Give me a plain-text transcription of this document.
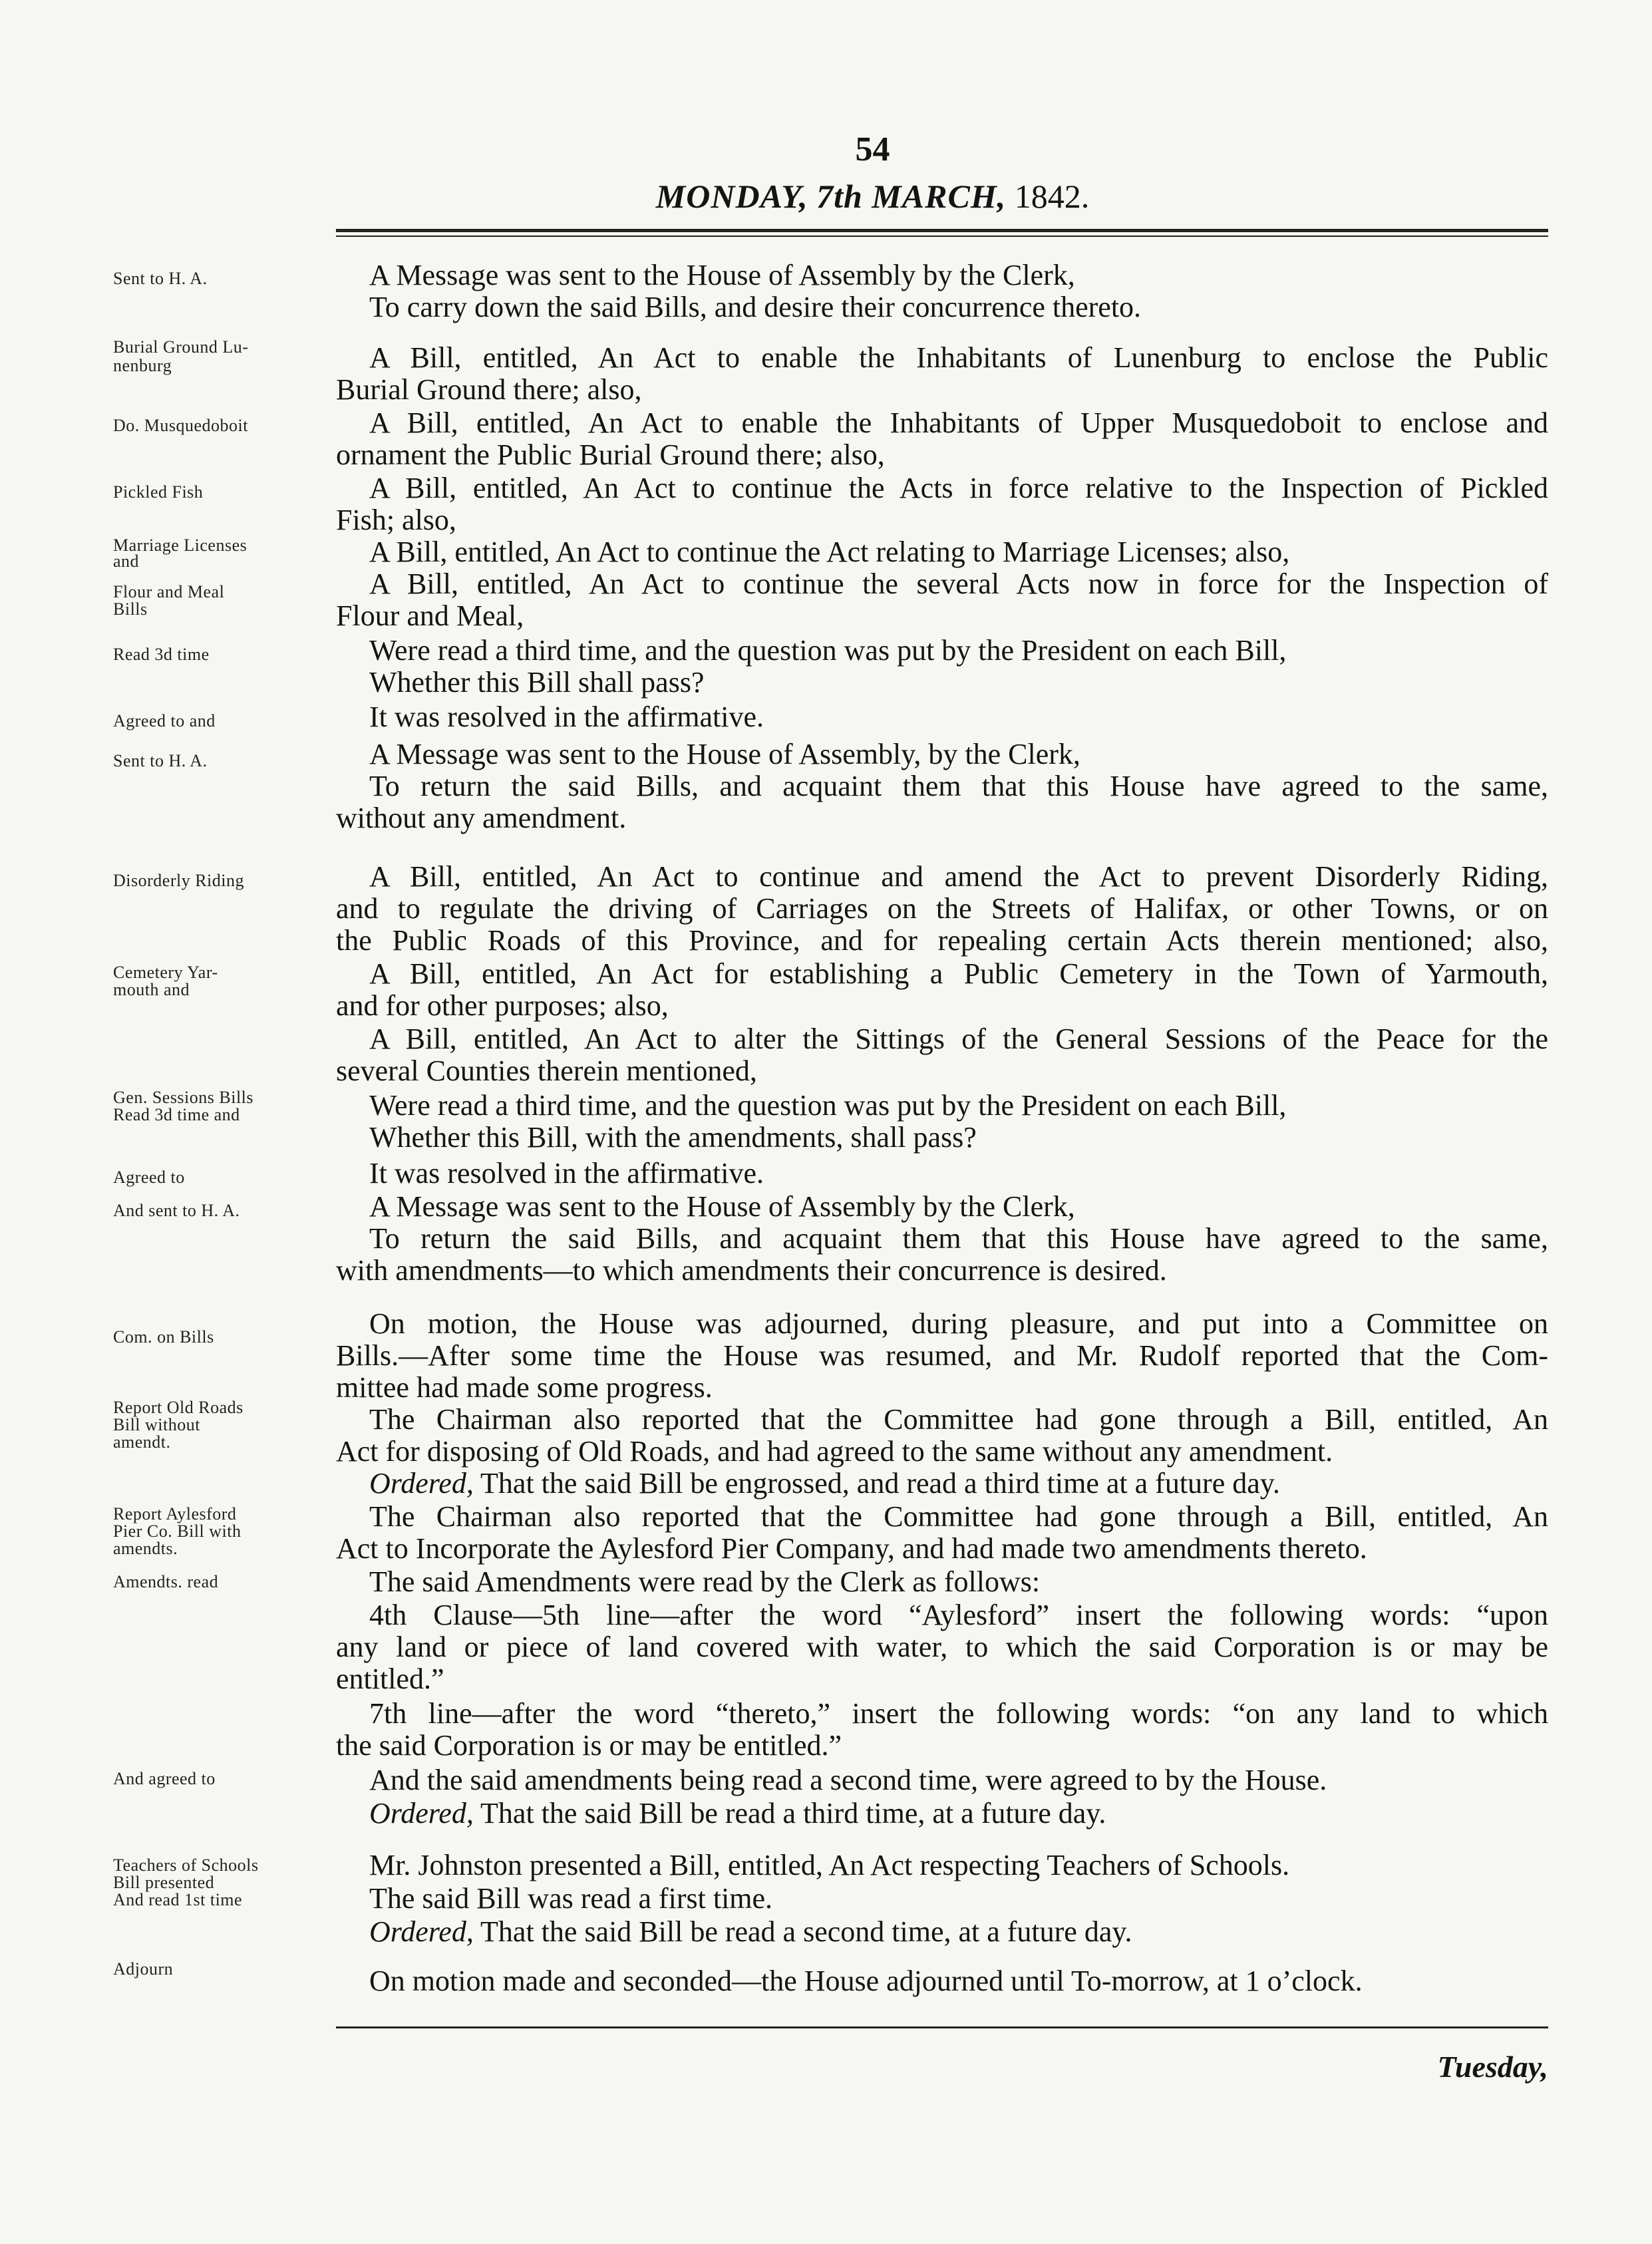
54
MONDAY, 7th MARCH, 1842.
Sent to H. A.
Burial Ground Lu-
nenburg
Do. Musquedoboit
Pickled Fish
Marriage Licenses
and
Flour and Meal
Bills
Read 3d time
Agreed to and
Sent to H. A.
Disorderly Riding
Cemetery Yar-
mouth and
Gen. Sessions Bills
Read 3d time and
Agreed to
And sent to H. A.
Com. on Bills
Report Old Roads
Bill without
amendt.
Report Aylesford
Pier Co. Bill with
amendts.
Amendts. read
And agreed to
Teachers of Schools
Bill presented
And read 1st time
Adjourn
A Message was sent to the House of Assembly by the Clerk,
To carry down the said Bills, and desire their concurrence thereto.
A Bill, entitled, An Act to enable the Inhabitants of Lunenburg to enclose the Public
Burial Ground there; also,
A Bill, entitled, An Act to enable the Inhabitants of Upper Musquedoboit to enclose and
ornament the Public Burial Ground there; also,
A Bill, entitled, An Act to continue the Acts in force relative to the Inspection of Pickled
Fish; also,
A Bill, entitled, An Act to continue the Act relating to Marriage Licenses; also,
A Bill, entitled, An Act to continue the several Acts now in force for the Inspection of
Flour and Meal,
Were read a third time, and the question was put by the President on each Bill,
Whether this Bill shall pass?
It was resolved in the affirmative.
A Message was sent to the House of Assembly, by the Clerk,
To return the said Bills, and acquaint them that this House have agreed to the same,
without any amendment.
A Bill, entitled, An Act to continue and amend the Act to prevent Disorderly Riding,
and to regulate the driving of Carriages on the Streets of Halifax, or other Towns, or on
the Public Roads of this Province, and for repealing certain Acts therein mentioned; also,
A Bill, entitled, An Act for establishing a Public Cemetery in the Town of Yarmouth,
and for other purposes; also,
A Bill, entitled, An Act to alter the Sittings of the General Sessions of the Peace for the
several Counties therein mentioned,
Were read a third time, and the question was put by the President on each Bill,
Whether this Bill, with the amendments, shall pass?
It was resolved in the affirmative.
A Message was sent to the House of Assembly by the Clerk,
To return the said Bills, and acquaint them that this House have agreed to the same,
with amendments—to which amendments their concurrence is desired.
On motion, the House was adjourned, during pleasure, and put into a Committee on
Bills.—After some time the House was resumed, and Mr. Rudolf reported that the Com-
mittee had made some progress.
The Chairman also reported that the Committee had gone through a Bill, entitled, An
Act for disposing of Old Roads, and had agreed to the same without any amendment.
Ordered, That the said Bill be engrossed, and read a third time at a future day.
The Chairman also reported that the Committee had gone through a Bill, entitled, An
Act to Incorporate the Aylesford Pier Company, and had made two amendments thereto.
The said Amendments were read by the Clerk as follows:
4th Clause—5th line—after the word “Aylesford” insert the following words: “upon
any land or piece of land covered with water, to which the said Corporation is or may be
entitled.”
7th line—after the word “thereto,” insert the following words: “on any land to which
the said Corporation is or may be entitled.”
And the said amendments being read a second time, were agreed to by the House.
Ordered, That the said Bill be read a third time, at a future day.
Mr. Johnston presented a Bill, entitled, An Act respecting Teachers of Schools.
The said Bill was read a first time.
Ordered, That the said Bill be read a second time, at a future day.
On motion made and seconded—the House adjourned until To-morrow, at 1 o’clock.
Tuesday,
